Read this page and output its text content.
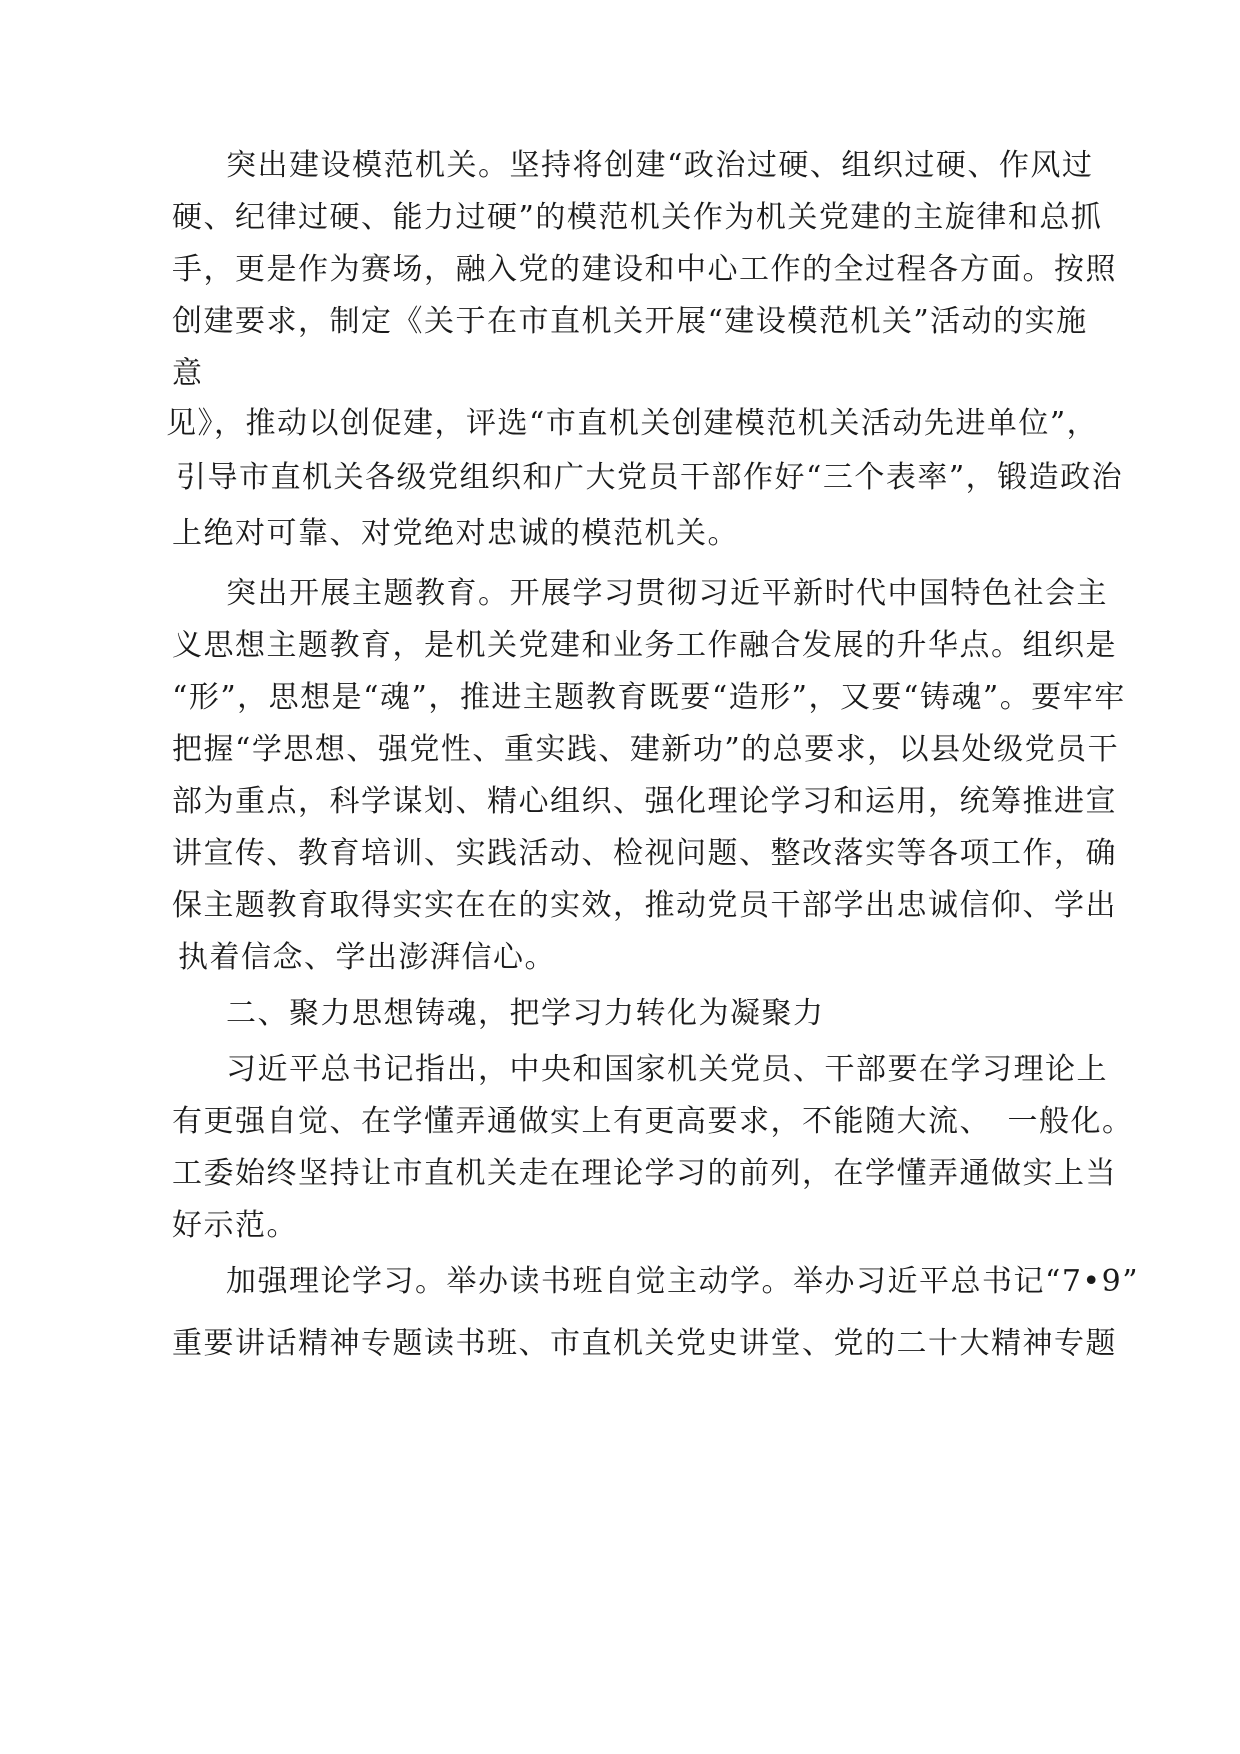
突出建设模范机关。坚持将创建“政治过硬、组织过硬、作风过
硬、纪律过硬、能力过硬”的模范机关作为机关党建的主旋律和总抓
手，更是作为赛场，融入党的建设和中心工作的全过程各方面。按照
创建要求，制定《关于在市直机关开展“建设模范机关”活动的实施
意
见》，推动以创促建，评选“市直机关创建模范机关活动先进单位”，
引导市直机关各级党组织和广大党员干部作好“三个表率”，锻造政治
上绝对可靠、对党绝对忠诚的模范机关。
突出开展主题教育。开展学习贯彻习近平新时代中国特色社会主
义思想主题教育，是机关党建和业务工作融合发展的升华点。组织是
“形”，思想是“魂”，推进主题教育既要“造形”，又要“铸魂”。要牢牢
把握“学思想、强党性、重实践、建新功”的总要求，以县处级党员干
部为重点，科学谋划、精心组织、强化理论学习和运用，统筹推进宣
讲宣传、教育培训、实践活动、检视问题、整改落实等各项工作，确
保主题教育取得实实在在的实效，推动党员干部学出忠诚信仰、学出
执着信念、学出澎湃信心。
二、聚力思想铸魂，把学习力转化为凝聚力
习近平总书记指出，中央和国家机关党员、干部要在学习理论上
有更强自觉、在学懂弄通做实上有更高要求，不能随大流、　一般化。
工委始终坚持让市直机关走在理论学习的前列，在学懂弄通做实上当
好示范。
加强理论学习。举办读书班自觉主动学。举办习近平总书记“7•9”
重要讲话精神专题读书班、市直机关党史讲堂、党的二十大精神专题
